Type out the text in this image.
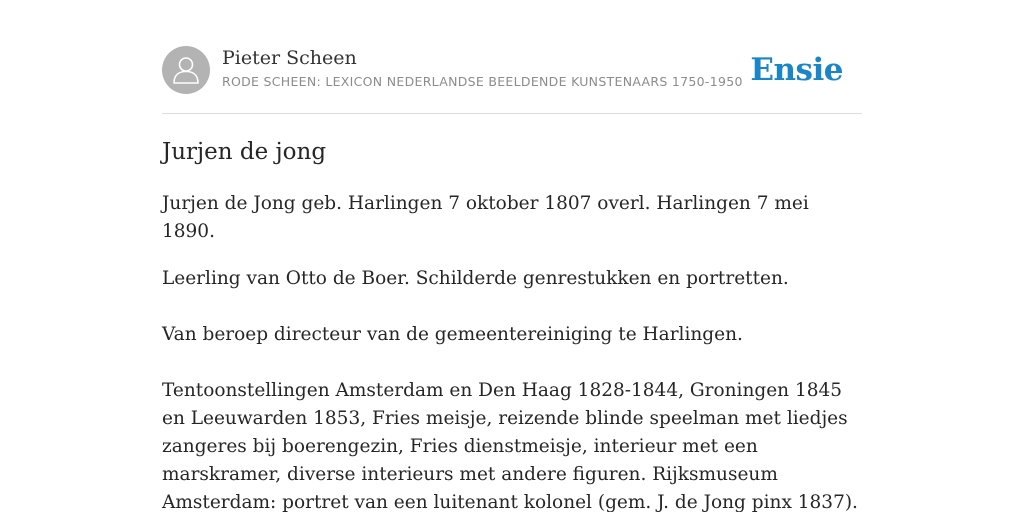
Pieter Scheen
RODE SCHEEN: LEXICON NEDERLANDSE BEELDENDE KUNSTENAARS 1750-1950 Ensie
Jurjen de jong

Jurjen de Jong geb. Harlingen 7 oktober 1807 overl. Harlingen 7 mei 1890.

Leerling van Otto de Boer. Schilderde genrestukken en portretten.

Van beroep directeur van de gemeentereiniging te Harlingen.

Tentoonstellingen Amsterdam en Den Haag 1828-1844, Groningen 1845 en Leeuwarden 1853, Fries meisje, reizende blinde speelman met liedjes zangeres bij boerengezin, Fries dienstmeisje, interieur met een marskramer, diverse interieurs met andere figuren. Rijksmuseum Amsterdam: portret van een luitenant kolonel (gem. J. de Jong pinx 1837).
